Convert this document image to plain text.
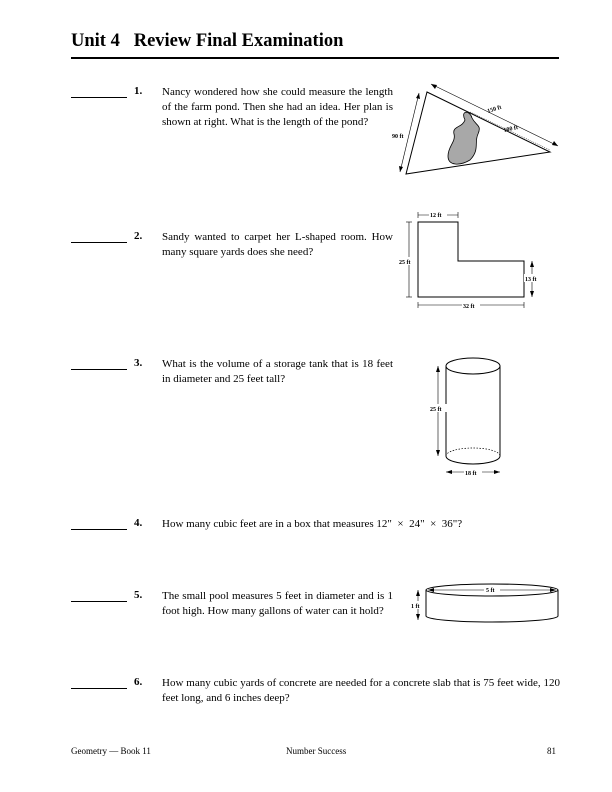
Unit 4 Review Final Examination
1. Nancy wondered how she could measure the length of the farm pond. Then she had an idea. Her plan is shown at right. What is the length of the pond?
150 ft
100 ft
90 ft
2. Sandy wanted to carpet her L-shaped room. How many square yards does she need?
12 ft
25 ft
13 ft
32 ft
3. What is the volume of a storage tank that is 18 feet in diameter and 25 feet tall?
25 ft
18 ft
4. How many cubic feet are in a box that measures 12"  ×  24"  ×  36"?
5. The small pool measures 5 feet in diameter and is 1 foot high. How many gallons of water can it hold?
5 ft
1 ft
6. How many cubic yards of concrete are needed for a concrete slab that is 75 feet wide, 120 feet long, and 6 inches deep?
Geometry — Book 11	Number Success	81
